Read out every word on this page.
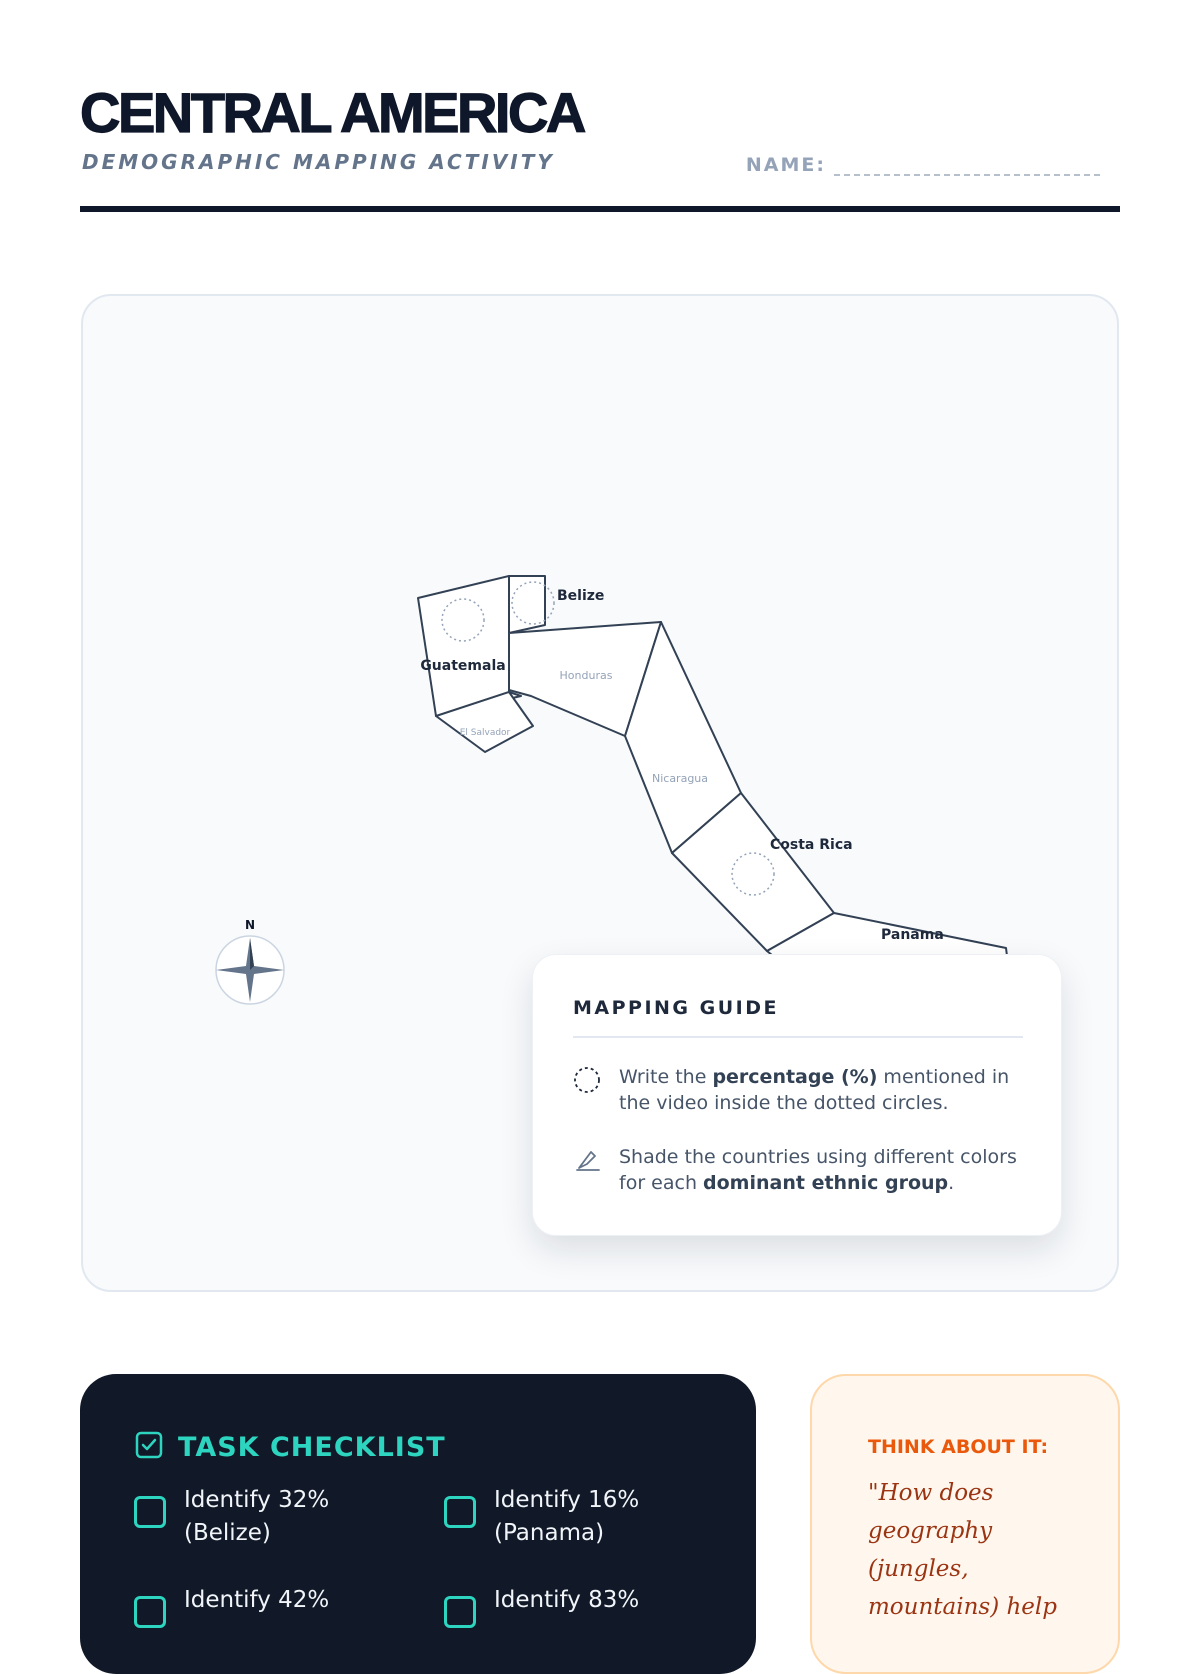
CENTRAL AMERICA
DEMOGRAPHIC MAPPING ACTIVITY	NAME:
Guatemala
Belize
Honduras
El Salvador
Nicaragua
Costa Rica
Panama
N
MAPPING GUIDE
Write the percentage (%) mentioned in the video inside the dotted circles.
Shade the countries using different colors for each dominant ethnic group.
TASK CHECKLIST
Identify 32% (Belize)
Identify 16% (Panama)
Identify 42%	Identify 83%
THINK ABOUT IT:
"How does geography (jungles, mountains) help
